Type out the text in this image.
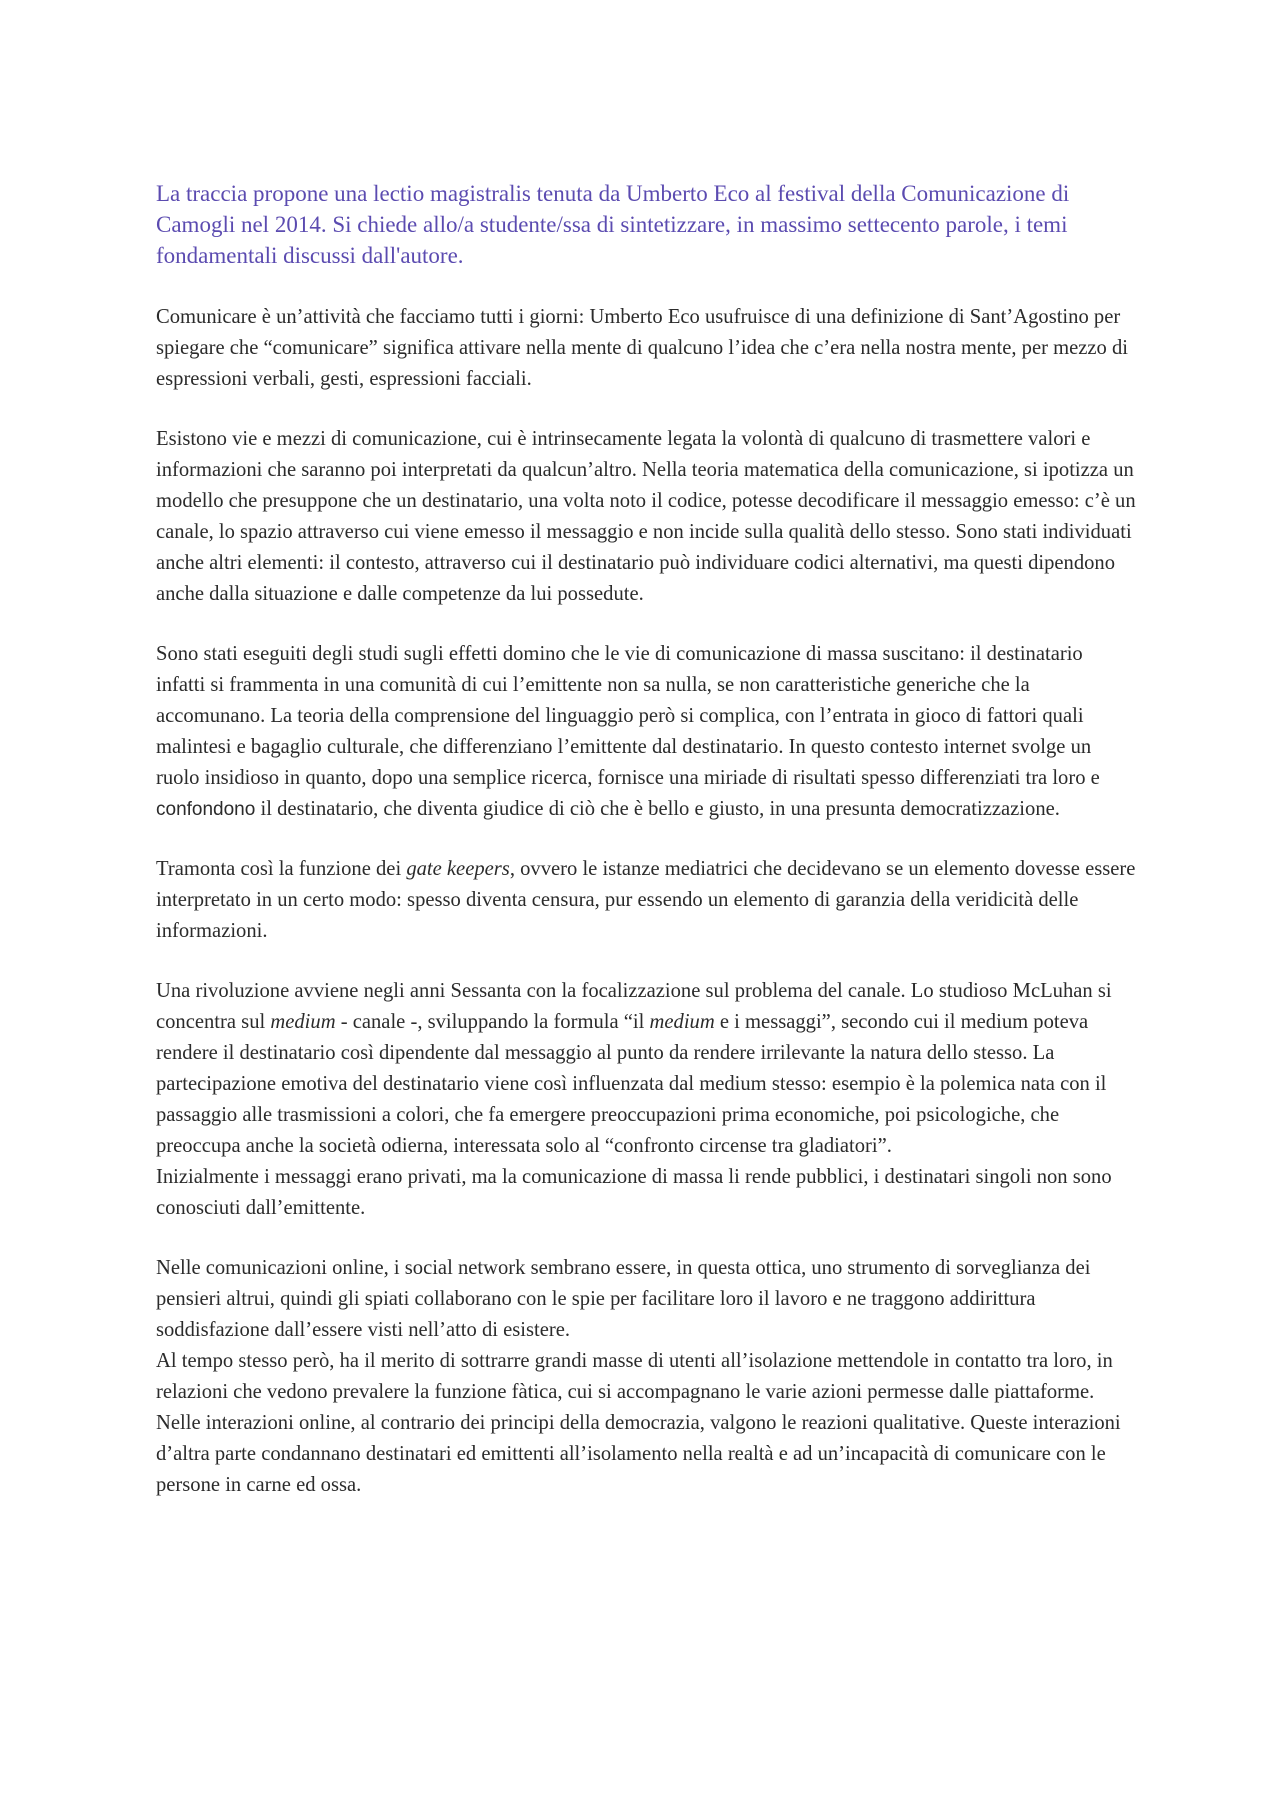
La traccia propone una lectio magistralis tenuta da Umberto Eco al festival della Comunicazione di Camogli nel 2014. Si chiede allo/a studente/ssa di sintetizzare, in massimo settecento parole, i temi fondamentali discussi dall'autore.

Comunicare è un’attività che facciamo tutti i giorni: Umberto Eco usufruisce di una definizione di Sant’Agostino per spiegare che “comunicare” significa attivare nella mente di qualcuno l’idea che c’era nella nostra mente, per mezzo di espressioni verbali, gesti, espressioni facciali.

Esistono vie e mezzi di comunicazione, cui è intrinsecamente legata la volontà di qualcuno di trasmettere valori e informazioni che saranno poi interpretati da qualcun’altro. Nella teoria matematica della comunicazione, si ipotizza un modello che presuppone che un destinatario, una volta noto il codice, potesse decodificare il messaggio emesso: c’è un canale, lo spazio attraverso cui viene emesso il messaggio e non incide sulla qualità dello stesso. Sono stati individuati anche altri elementi: il contesto, attraverso cui il destinatario può individuare codici alternativi, ma questi dipendono anche dalla situazione e dalle competenze da lui possedute.

Sono stati eseguiti degli studi sugli effetti domino che le vie di comunicazione di massa suscitano: il destinatario infatti si frammenta in una comunità di cui l’emittente non sa nulla, se non caratteristiche generiche che la accomunano. La teoria della comprensione del linguaggio però si complica, con l’entrata in gioco di fattori quali malintesi e bagaglio culturale, che differenziano l’emittente dal destinatario. In questo contesto internet svolge un ruolo insidioso in quanto, dopo una semplice ricerca, fornisce una miriade di risultati spesso differenziati tra loro e confondono il destinatario, che diventa giudice di ciò che è bello e giusto, in una presunta democratizzazione.

Tramonta così la funzione dei gate keepers, ovvero le istanze mediatrici che decidevano se un elemento dovesse essere interpretato in un certo modo: spesso diventa censura, pur essendo un elemento di garanzia della veridicità delle informazioni.

Una rivoluzione avviene negli anni Sessanta con la focalizzazione sul problema del canale. Lo studioso McLuhan si concentra sul medium - canale -, sviluppando la formula “il medium e i messaggi”, secondo cui il medium poteva rendere il destinatario così dipendente dal messaggio al punto da rendere irrilevante la natura dello stesso. La partecipazione emotiva del destinatario viene così influenzata dal medium stesso: esempio è la polemica nata con il passaggio alle trasmissioni a colori, che fa emergere preoccupazioni prima economiche, poi psicologiche, che preoccupa anche la società odierna, interessata solo al “confronto circense tra gladiatori”.

Inizialmente i messaggi erano privati, ma la comunicazione di massa li rende pubblici, i destinatari singoli non sono conosciuti dall’emittente.

Nelle comunicazioni online, i social network sembrano essere, in questa ottica, uno strumento di sorveglianza dei pensieri altrui, quindi gli spiati collaborano con le spie per facilitare loro il lavoro e ne traggono addirittura soddisfazione dall’essere visti nell’atto di esistere.

Al tempo stesso però, ha il merito di sottrarre grandi masse di utenti all’isolazione mettendole in contatto tra loro, in relazioni che vedono prevalere la funzione fàtica, cui si accompagnano le varie azioni permesse dalle piattaforme. Nelle interazioni online, al contrario dei principi della democrazia, valgono le reazioni qualitative. Queste interazioni d’altra parte condannano destinatari ed emittenti all’isolamento nella realtà e ad un’incapacità di comunicare con le persone in carne ed ossa.
